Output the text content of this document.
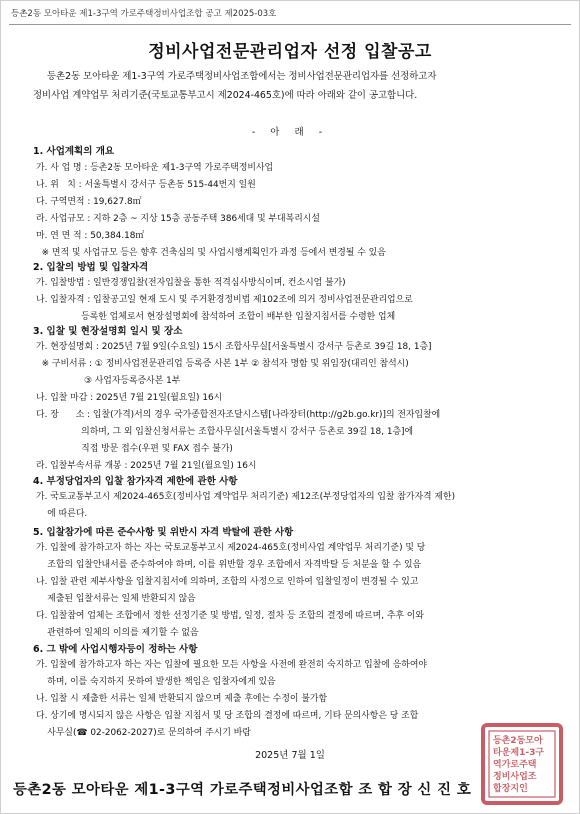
등촌2동 모아타운 제1-3구역 가로주택정비사업조합 공고 제2025-03호
정비사업전문관리업자 선정 입찰공고
등촌2동 모아타운 제1-3구역 가로주택정비사업조합에서는 정비사업전문관리업자를 선정하고자
정비사업 계약업무 처리기준(국토교통부고시 제2024-465호)에 따라 아래와 같이 공고합니다.
- 아 래 -
1. 사업계획의 개요
가. 사 업 명 : 등촌2동 모아타운 제1-3구역 가로주택정비사업
나. 위   치 : 서울특별시 강서구 등촌동 515-44번지 일원
다. 구역면적 : 19,627.8㎡
라. 사업규모 : 지하 2층 ~ 지상 15층 공동주택 386세대 및 부대복리시설
마. 연 면 적 : 50,384.18㎡
※ 면적 및 사업규모 등은 향후 건축심의 및 사업시행계획인가 과정 등에서 변경될 수 있음
2. 입찰의 방법 및 입찰자격
가. 입찰방법 : 일반경쟁입찰(전자입찰을 통한 적격심사방식이며, 컨소시엄 불가)
나. 입찰자격 : 입찰공고일 현재 도시 및 주거환경정비법 제102조에 의거 정비사업전문관리업으로
등록한 업체로서 현장설명회에 참석하여 조합이 배부한 입찰지침서를 수령한 업체
3. 입찰 및 현장설명회 일시 및 장소
가. 현장설명회 : 2025년 7월 9일(수요일) 15시 조합사무실[서울특별시 강서구 등촌로 39길 18, 1층]
※ 구비서류 : ① 정비사업전문관리업 등록증 사본 1부 ② 참석자 명함 및 위임장(대리인 참석시)
③ 사업자등록증사본 1부
나. 입찰 마감 : 2025년 7월 21일(월요일) 16시
다. 장      소 : 입찰(가격)서의 경우 국가종합전자조달시스템[나라장터(http://g2b.go.kr)]의 전자입찰에
의하며, 그 외 입찰신청서류는 조합사무실[서울특별시 강서구 등촌로 39길 18, 1층]에
직접 방문 접수(우편 및 FAX 접수 불가)
라. 입찰부속서류 개봉 : 2025년 7월 21일(월요일) 16시
4. 부정당업자의 입찰 참가자격 제한에 관한 사항
가. 국토교통부고시 제2024-465호(정비사업 계약업무 처리기준) 제12조(부정당업자의 입찰 참가자격 제한)
에 따른다.
5. 입찰참가에 따른 준수사항 및 위반시 자격 박탈에 관한 사항
가. 입찰에 참가하고자 하는 자는 국토교통부고시 제2024-465호(정비사업 계약업무 처리기준) 및 당
조합의 입찰안내서를 준수하여야 하며, 이를 위반할 경우 조합에서 자격박탈 등 처분을 할 수 있음
나. 입찰 관련 제부사항을 입찰지침서에 의하며, 조합의 사정으로 인하여 입찰일정이 변경될 수 있고
제출된 입찰서류는 일체 반환되지 않음
다. 입찰참여 업체는 조합에서 정한 선정기준 및 방법, 일정, 절차 등 조합의 결정에 따르며, 추후 이와
관련하여 일체의 이의를 제기할 수 없음
6. 그 밖에 사업시행자등이 정하는 사항
가. 입찰에 참가하고자 하는 자는 입찰에 필요한 모든 사항을 사전에 완전히 숙지하고 입찰에 응하여야
하며, 이를 숙지하지 못하여 발생한 책임은 입찰자에게 있음
나. 입찰 시 제출한 서류는 일체 반환되지 않으며 제출 후에는 수정이 불가함
다. 상기에 명시되지 않은 사항은 입찰 지침서 및 당 조합의 결정에 따르며, 기타 문의사항은 당 조합
사무실(☎ 02-2062-2027)로 문의하여 주시기 바람
2025년 7월 1일
등촌2동 모아타운 제1-3구역 가로주택정비사업조합 조 합 장 신 진 호
등촌2동모아
타운제1-3구
역가로주택
정비사업조
합장지인
